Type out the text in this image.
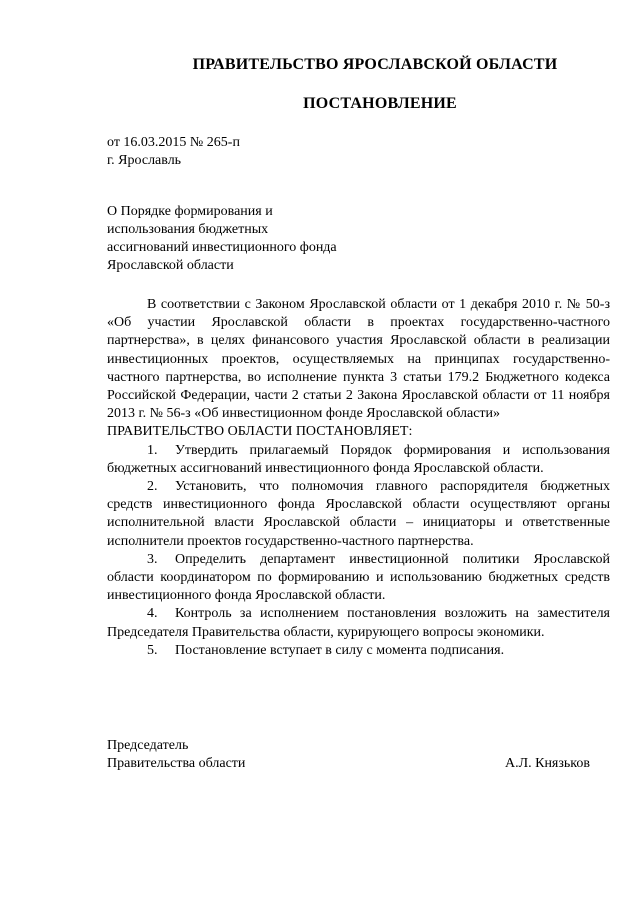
ПРАВИТЕЛЬСТВО ЯРОСЛАВСКОЙ ОБЛАСТИ
ПОСТАНОВЛЕНИЕ
от 16.03.2015 № 265-п
г. Ярославль
О Порядке формирования и использования бюджетных ассигнований инвестиционного фонда Ярославской области

В соответствии с Законом Ярославской области от 1 декабря 2010 г. № 50-з «Об участии Ярославской области в проектах государственно-частного партнерства», в целях финансового участия Ярославской области в реализации инвестиционных проектов, осуществляемых на принципах государственно-частного партнерства, во исполнение пункта 3 статьи 179.2 Бюджетного кодекса Российской Федерации, части 2 статьи 2 Закона Ярославской области от 11 ноября 2013 г. № 56-з «Об инвестиционном фонде Ярославской области»

ПРАВИТЕЛЬСТВО ОБЛАСТИ ПОСТАНОВЛЯЕТ:

1. Утвердить прилагаемый Порядок формирования и использования бюджетных ассигнований инвестиционного фонда Ярославской области.

2. Установить, что полномочия главного распорядителя бюджетных средств инвестиционного фонда Ярославской области осуществляют органы исполнительной власти Ярославской области – инициаторы и ответственные исполнители проектов государственно-частного партнерства.

3. Определить департамент инвестиционной политики Ярославской области координатором по формированию и использованию бюджетных средств инвестиционного фонда Ярославской области.

4. Контроль за исполнением постановления возложить на заместителя Председателя Правительства области, курирующего вопросы экономики.

5. Постановление вступает в силу с момента подписания.

Председатель
Правительства области	А.Л. Князьков
